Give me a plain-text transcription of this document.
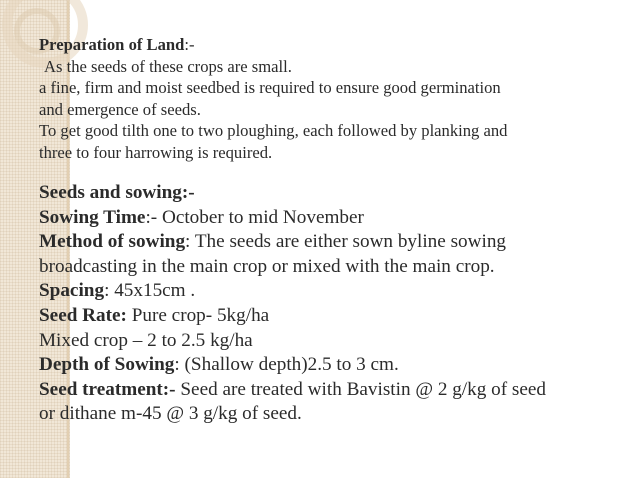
Preparation of Land:-
As the seeds of these crops are small.
a fine, firm and moist seedbed is required to ensure good germination
and emergence of seeds.
To get good tilth one to two ploughing, each followed by planking and
three to four harrowing is required.
Seeds and sowing:-
Sowing Time:- October to mid November
Method of sowing: The seeds are either sown byline sowing
broadcasting in the main crop or mixed with the main crop.
Spacing: 45x15cm .
Seed Rate: Pure crop- 5kg/ha
Mixed crop – 2 to 2.5 kg/ha
Depth of Sowing: (Shallow depth)2.5 to 3 cm.
Seed treatment:- Seed are treated with Bavistin @ 2 g/kg of seed
or dithane m-45 @ 3 g/kg of seed.
